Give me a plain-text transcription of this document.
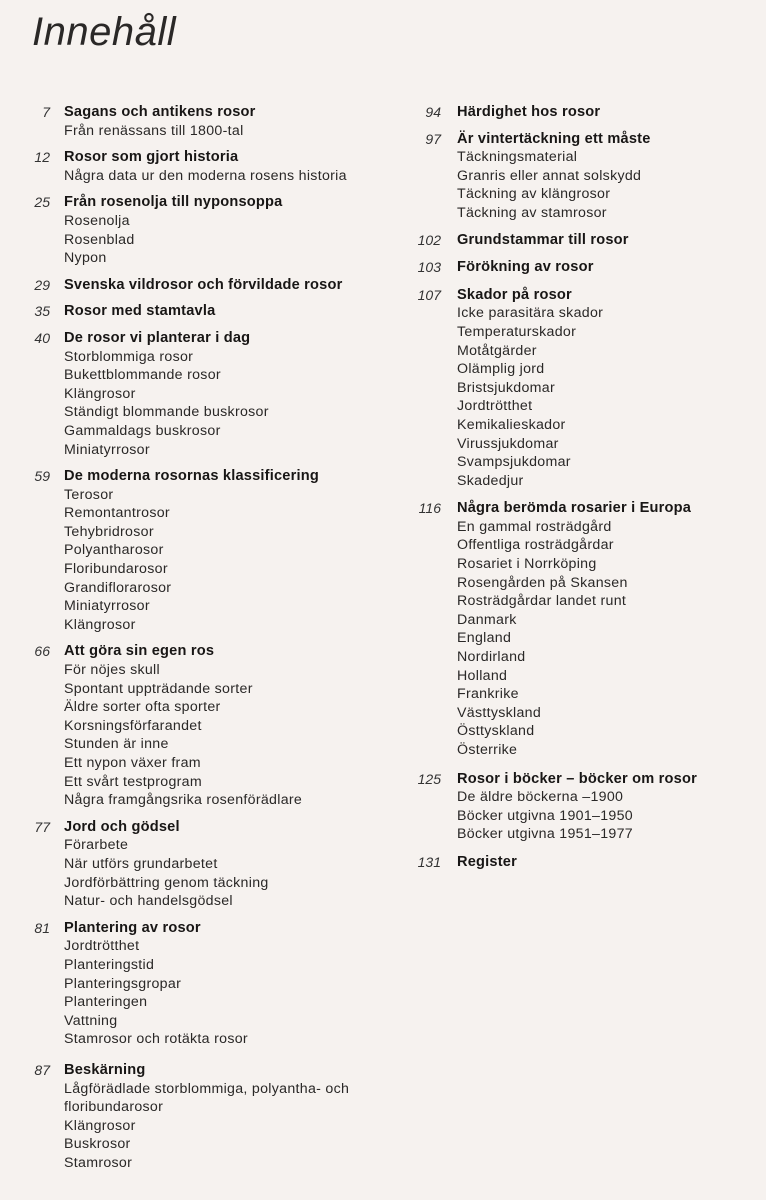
Innehåll
7 Sagans och antikens rosor
Från renässans till 1800-tal
12 Rosor som gjort historia
Några data ur den moderna rosens historia
25 Från rosenolja till nyponsoppa
Rosenolja
Rosenblad
Nypon
29 Svenska vildrosor och förvildade rosor
35 Rosor med stamtavla
40 De rosor vi planterar i dag
Storblommiga rosor
Bukettblommande rosor
Klängrosor
Ständigt blommande buskrosor
Gammaldags buskrosor
Miniatyrrosor
59 De moderna rosornas klassificering
Terosor
Remontantrosor
Tehybridrosor
Polyantharosor
Floribundarosor
Grandiflorarosor
Miniatyrrosor
Klängrosor
66 Att göra sin egen ros
För nöjes skull
Spontant uppträdande sorter
Äldre sorter ofta sporter
Korsningsförfarandet
Stunden är inne
Ett nypon växer fram
Ett svårt testprogram
Några framgångsrika rosenförädlare
77 Jord och gödsel
Förarbete
När utförs grundarbetet
Jordförbättring genom täckning
Natur- och handelsgödsel
81 Plantering av rosor
Jordtrötthet
Planteringstid
Planteringsgropar
Planteringen
Vattning
Stamrosor och rotäkta rosor
87 Beskärning
Lågförädlade storblommiga, polyantha- och
floribundarosor
Klängrosor
Buskrosor
Stamrosor
94 Härdighet hos rosor
97 Är vintertäckning ett måste
Täckningsmaterial
Granris eller annat solskydd
Täckning av klängrosor
Täckning av stamrosor
102 Grundstammar till rosor
103 Förökning av rosor
107 Skador på rosor
Icke parasitära skador
Temperaturskador
Motåtgärder
Olämplig jord
Bristsjukdomar
Jordtrötthet
Kemikalieskador
Virussjukdomar
Svampsjukdomar
Skadedjur
116 Några berömda rosarier i Europa
En gammal rosträdgård
Offentliga rosträdgårdar
Rosariet i Norrköping
Rosengården på Skansen
Rosträdgårdar landet runt
Danmark
England
Nordirland
Holland
Frankrike
Västtyskland
Östtyskland
Österrike
125 Rosor i böcker – böcker om rosor
De äldre böckerna –1900
Böcker utgivna 1901–1950
Böcker utgivna 1951–1977
131 Register
